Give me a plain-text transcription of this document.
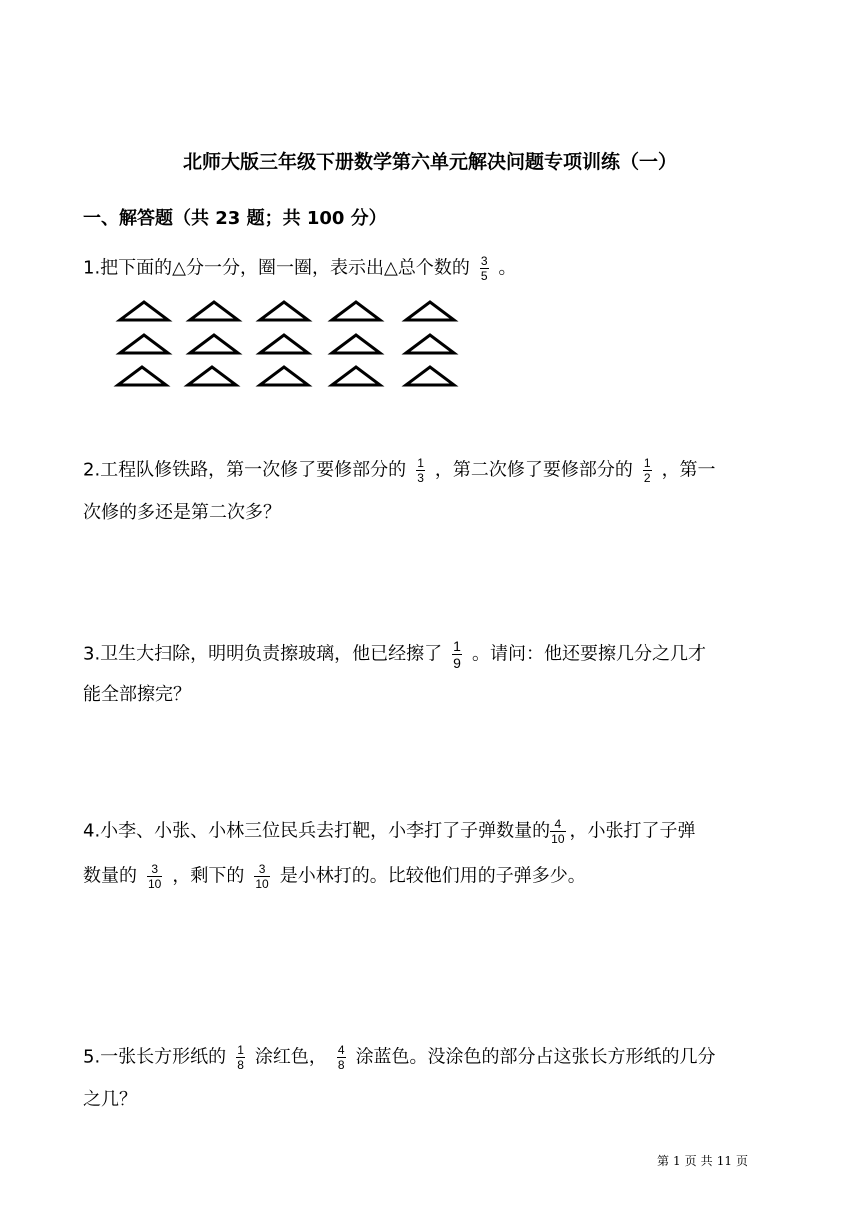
北师大版三年级下册数学第六单元解决问题专项训练（一）
一、解答题（共 23 题；共 100 分）
1.把下面的△分一分，圈一圈，表示出△总个数的 $\frac{3}{5}$ 。
2.工程队修铁路，第一次修了要修部分的 $\frac{1}{3}$ ，第二次修了要修部分的 $\frac{1}{2}$ ，第一
次修的多还是第二次多？
3.卫生大扫除，明明负责擦玻璃，他已经擦了 $\frac{1}{9}$ 。请问：他还要擦几分之几才
能全部擦完？
4.小李、小张、小林三位民兵去打靶，小李打了子弹数量的 $\frac{4}{10}$ ，小张打了子弹
数量的 $\frac{3}{10}$ ，剩下的 $\frac{3}{10}$ 是小林打的。比较他们用的子弹多少。
5.一张长方形纸的 $\frac{1}{8}$ 涂红色， $\frac{4}{8}$ 涂蓝色。没涂色的部分占这张长方形纸的几分
之几？
第 1 页 共 11 页
